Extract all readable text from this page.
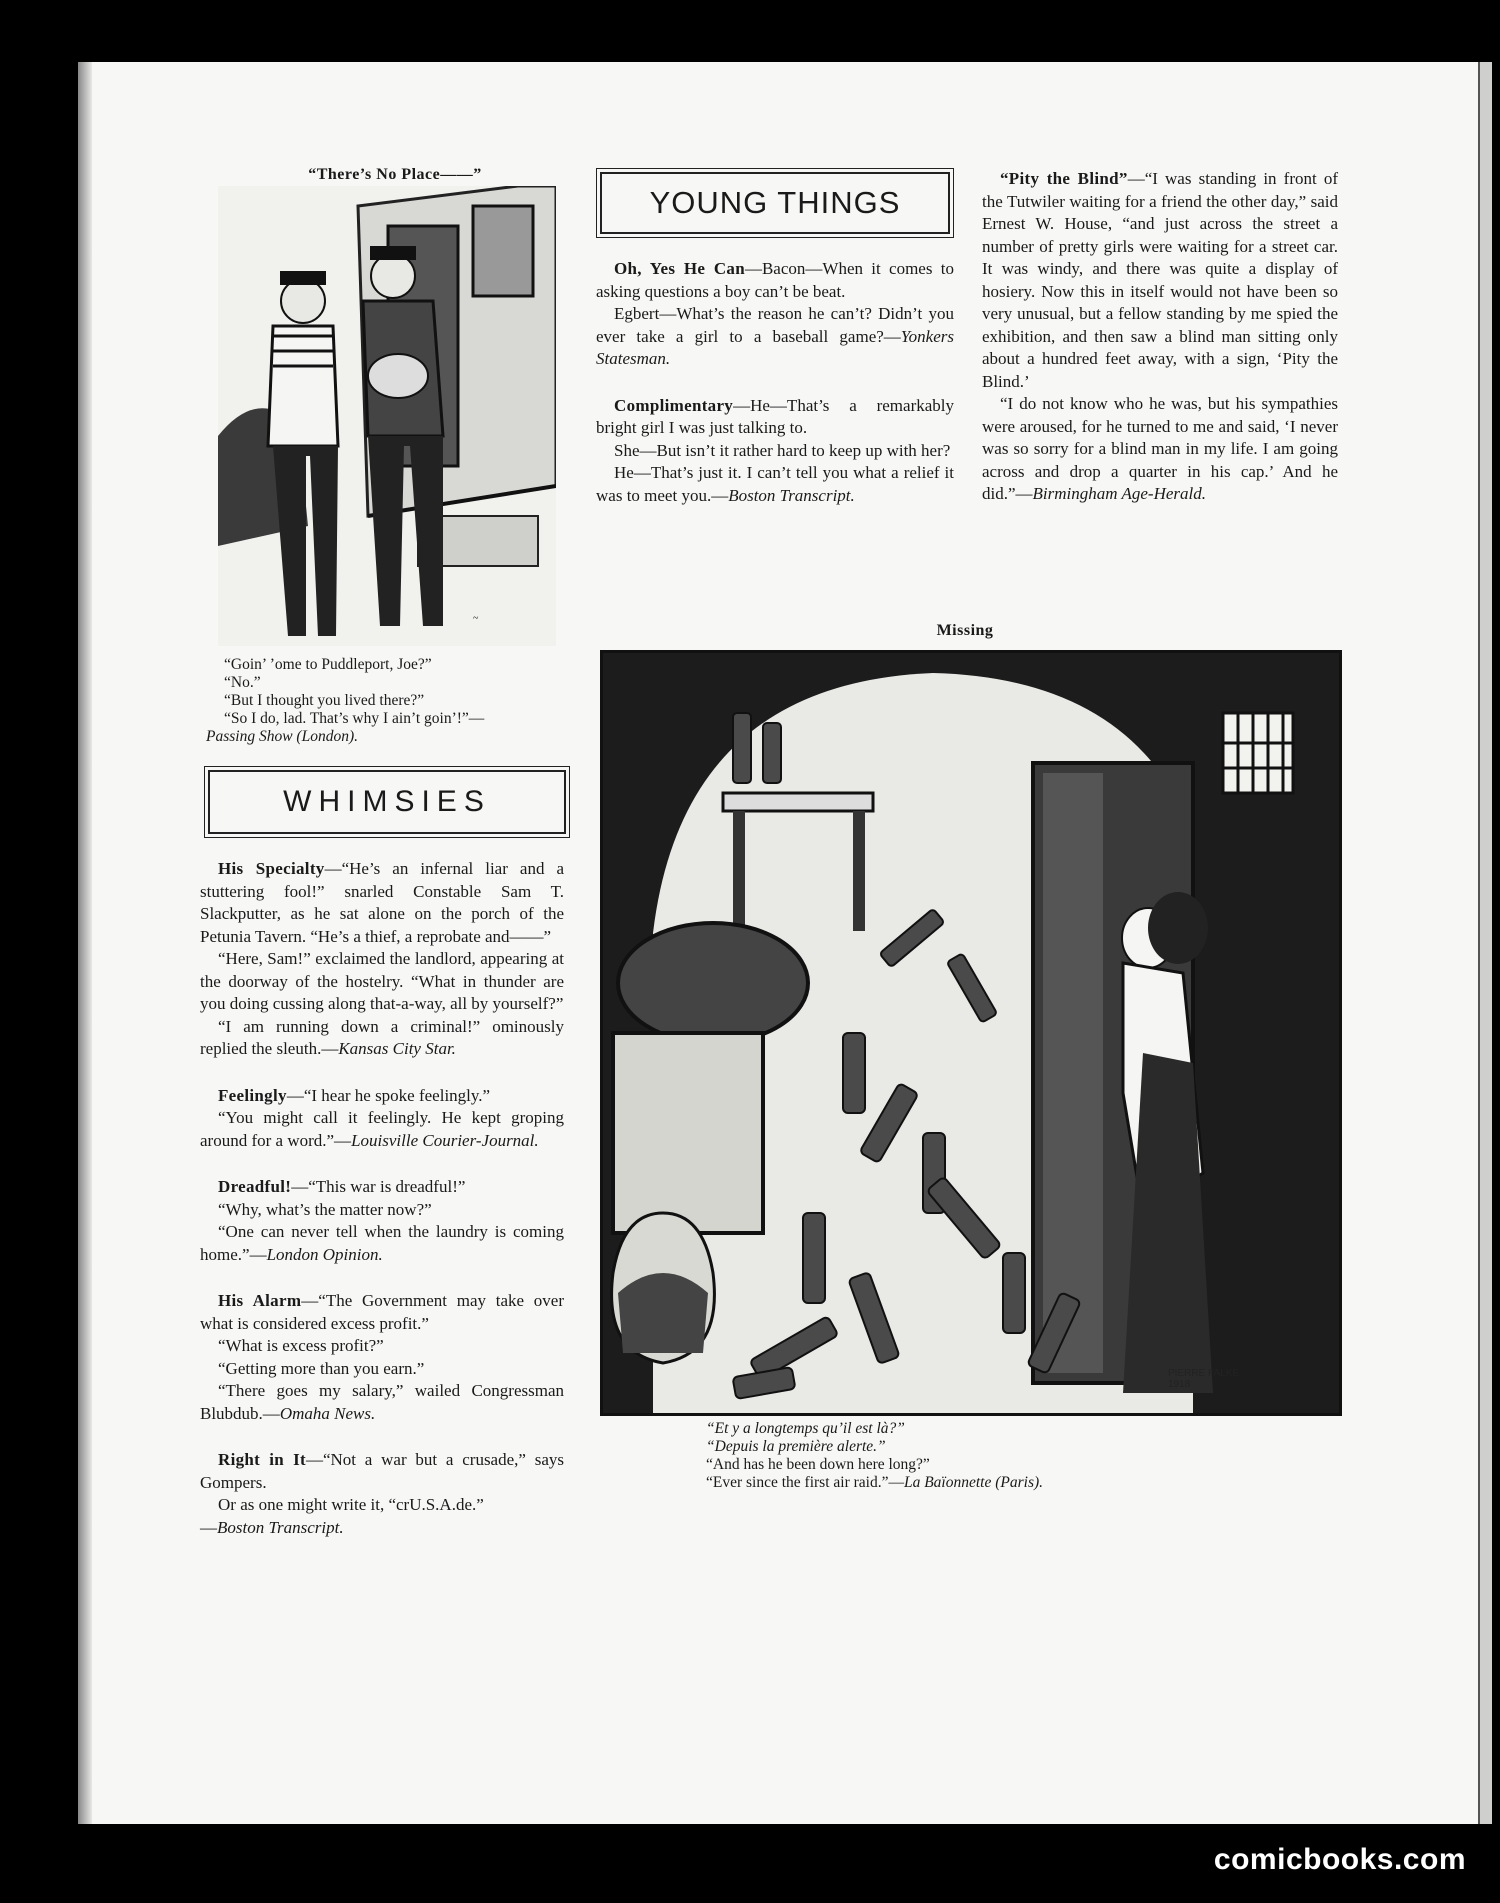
“There’s No Place——”
~

“Goin’ ’ome to Puddleport, Joe?”

“No.”

“But I thought you lived there?”

“So I do, lad. That’s why I ain’t goin’!”—

Passing Show (London).

WHIMSIES

His Specialty—“He’s an infernal liar and a stuttering fool!” snarled Constable Sam T. Slackputter, as he sat alone on the porch of the Petunia Tavern. “He’s a thief, a reprobate and——”

“Here, Sam!” exclaimed the landlord, appearing at the doorway of the hostelry. “What in thunder are you doing cussing along that-a-way, all by yourself?”

“I am running down a criminal!” ominously replied the sleuth.—Kansas City Star.

Feelingly—“I hear he spoke feelingly.”

“You might call it feelingly. He kept groping around for a word.”—Louisville Courier-Journal.

Dreadful!—“This war is dreadful!”

“Why, what’s the matter now?”

“One can never tell when the laundry is coming home.”—London Opinion.

His Alarm—“The Government may take over what is considered excess profit.”

“What is excess profit?”

“Getting more than you earn.”

“There goes my salary,” wailed Congressman Blubdub.—Omaha News.

Right in It—“Not a war but a crusade,” says Gompers.

Or as one might write it, “crU.S.A.de.”

—Boston Transcript.

YOUNG THINGS

Oh, Yes He Can—Bacon—When it comes to asking questions a boy can’t be beat.

Egbert—What’s the reason he can’t? Didn’t you ever take a girl to a baseball game?—Yonkers Statesman.

Complimentary—He—That’s a remarkably bright girl I was just talking to.

She—But isn’t it rather hard to keep up with her?

He—That’s just it. I can’t tell you what a relief it was to meet you.—Boston Transcript.

“Pity the Blind”—“I was standing in front of the Tutwiler waiting for a friend the other day,” said Ernest W. House, “and just across the street a number of pretty girls were waiting for a street car. It was windy, and there was quite a display of hosiery. Now this in itself would not have been so very unusual, but a fellow standing by me spied the exhibition, and then saw a blind man sitting only about a hundred feet away, with a sign, ‘Pity the Blind.’

“I do not know who he was, but his sympathies were aroused, for he turned to me and said, ‘I never was so sorry for a blind man in my life. I am going across and drop a quarter in his cap.’ And he did.”—Birmingham Age-Herald.

Missing
PIERRE FALKÉ 1918

“Et y a longtemps qu’il est là?”

“Depuis la première alerte.”

“And has he been down here long?”

“Ever since the first air raid.”—La Baïonnette (Paris).

comicbooks.com
